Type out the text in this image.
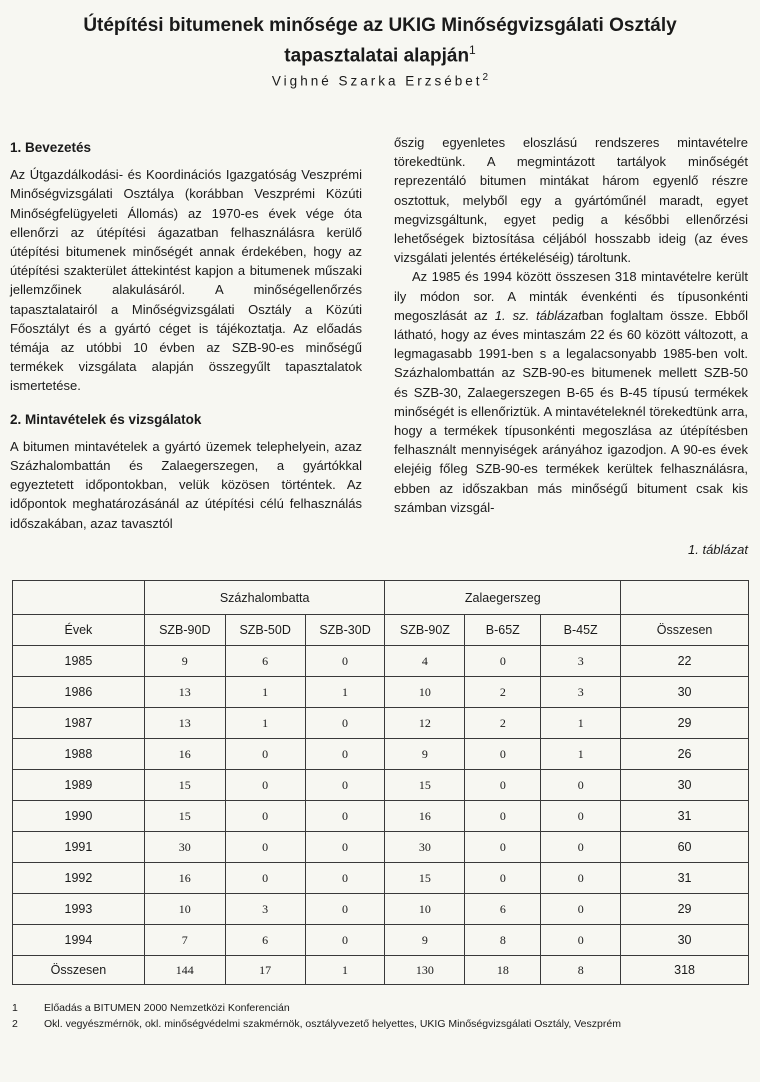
Útépítési bitumenek minősége az UKIG Minőségvizsgálati Osztály
tapasztalatai alapján$^1$
Vighné Szarka Erzsébet$^2$
1. Bevezetés

Az Útgazdálkodási- és Koordinációs Igazgatóság Veszprémi Minőségvizsgálati Osztálya (korábban Veszprémi Közúti Minőségfelügyeleti Állomás) az 1970-es évek vége óta ellenőrzi az útépítési ágazatban felhasználásra kerülő útépítési bitumenek minőségét annak érdekében, hogy az útépítési szakterület áttekintést kapjon a bitumenek műszaki jellemzőinek alakulásáról. A minőségellenőrzés tapasztalatairól a Minőségvizsgálati Osztály a Közúti Főosztályt és a gyártó céget is tájékoztatja. Az előadás témája az utóbbi 10 évben az SZB-90-es minőségű termékek vizsgálata alapján összegyűlt tapasztalatok ismertetése.

2. Mintavételek és vizsgálatok

A bitumen mintavételek a gyártó üzemek telephelyein, azaz Százhalombattán és Zalaegerszegen, a gyártókkal egyeztetett időpontokban, velük közösen történtek. Az időpontok meghatározásánál az útépítési célú felhasználás időszakában, azaz tavasztól

őszig egyenletes eloszlású rendszeres mintavételre törekedtünk. A megmintázott tartályok minőségét reprezentáló bitumen mintákat három egyenlő részre osztottuk, melyből egy a gyártóműnél maradt, egyet megvizsgáltunk, egyet pedig a későbbi ellenőrzési lehetőségek biztosítása céljából hosszabb ideig (az éves vizsgálati jelentés értékeléséig) tároltunk.

Az 1985 és 1994 között összesen 318 mintavételre került ily módon sor. A minták évenkénti és típusonkénti megoszlását az 1. sz. táblázatban foglaltam össze. Ebből látható, hogy az éves mintaszám 22 és 60 között változott, a legmagasabb 1991-ben s a legalacsonyabb 1985-ben volt. Százhalombattán az SZB-90-es bitumenek mellett SZB-50 és SZB-30, Zalaegerszegen B-65 és B-45 típusú termékek minőségét is ellenőriztük. A mintavételeknél törekedtünk arra, hogy a termékek típusonkénti megoszlása az útépítésben felhasznált mennyiségek arányához igazodjon. A 90-es évek elejéig főleg SZB-90-es termékek kerültek felhasználásra, ebben az időszakban más minőségű bitument csak kis számban vizsgál-

1. táblázat
	Százhalombatta			Zalaegerszeg			
Évek	SZB-90D	SZB-50D	SZB-30D	SZB-90Z	B-65Z	B-45Z	Összesen
1985	9	6	0	4	0	3	22
1986	13	1	1	10	2	3	30
1987	13	1	0	12	2	1	29
1988	16	0	0	9	0	1	26
1989	15	0	0	15	0	0	30
1990	15	0	0	16	0	0	31
1991	30	0	0	30	0	0	60
1992	16	0	0	15	0	0	31
1993	10	3	0	10	6	0	29
1994	7	6	0	9	8	0	30
Összesen	144	17	1	130	18	8	318
1	Előadás a BITUMEN 2000 Nemzetközi Konferencián
2	Okl. vegyészmérnök, okl. minőségvédelmi szakmérnök, osztályvezető helyettes, UKIG Minőségvizsgálati Osztály, Veszprém
